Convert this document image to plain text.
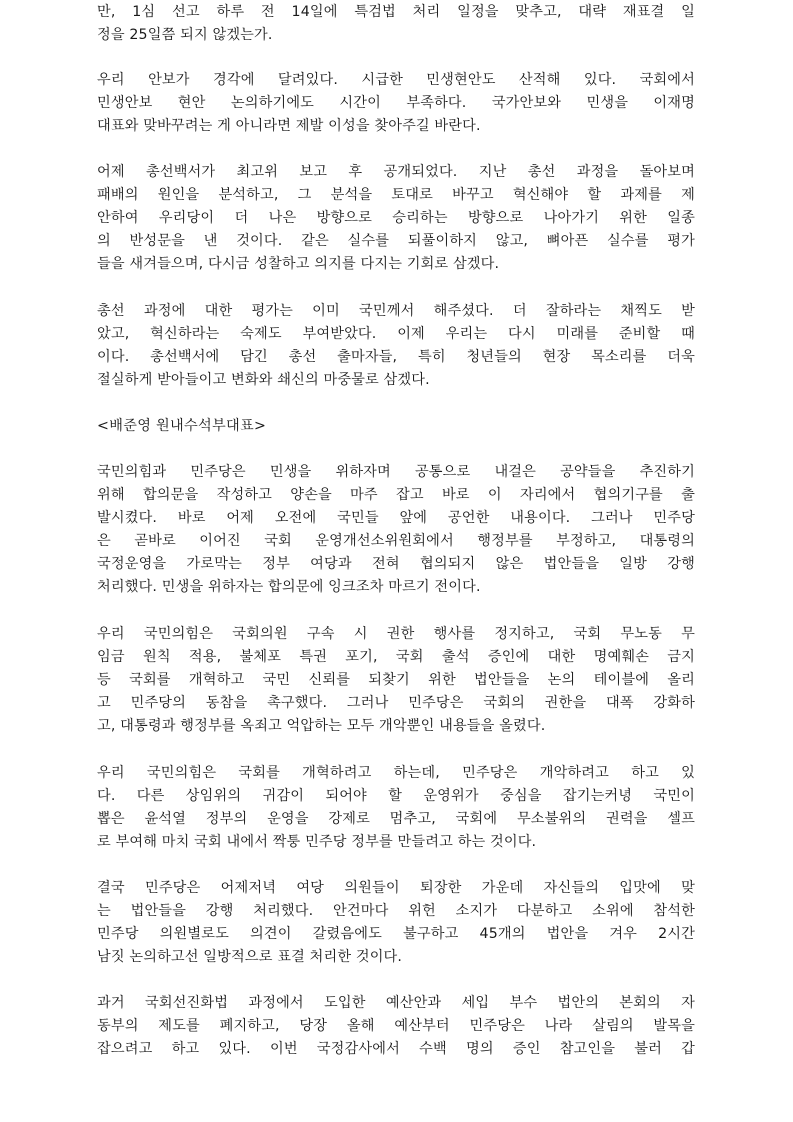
만, 1심 선고 하루 전 14일에 특검법 처리 일정을 맞추고, 대략 재표결 일
정을 25일쯤 되지 않겠는가.
우리 안보가 경각에 달려있다. 시급한 민생현안도 산적해 있다. 국회에서
민생안보 현안 논의하기에도 시간이 부족하다. 국가안보와 민생을 이재명
대표와 맞바꾸려는 게 아니라면 제발 이성을 찾아주길 바란다.
어제 총선백서가 최고위 보고 후 공개되었다. 지난 총선 과정을 돌아보며
패배의 원인을 분석하고, 그 분석을 토대로 바꾸고 혁신해야 할 과제를 제
안하여 우리당이 더 나은 방향으로 승리하는 방향으로 나아가기 위한 일종
의 반성문을 낸 것이다. 같은 실수를 되풀이하지 않고, 뼈아픈 실수를 평가
들을 새겨들으며, 다시금 성찰하고 의지를 다지는 기회로 삼겠다.
총선 과정에 대한 평가는 이미 국민께서 해주셨다. 더 잘하라는 채찍도 받
았고, 혁신하라는 숙제도 부여받았다. 이제 우리는 다시 미래를 준비할 때
이다. 총선백서에 담긴 총선 출마자들, 특히 청년들의 현장 목소리를 더욱
절실하게 받아들이고 변화와 쇄신의 마중물로 삼겠다.
<배준영 원내수석부대표>
국민의힘과 민주당은 민생을 위하자며 공통으로 내걸은 공약들을 추진하기
위해 합의문을 작성하고 양손을 마주 잡고 바로 이 자리에서 협의기구를 출
발시켰다. 바로 어제 오전에 국민들 앞에 공언한 내용이다. 그러나 민주당
은 곧바로 이어진 국회 운영개선소위원회에서 행정부를 부정하고, 대통령의
국정운영을 가로막는 정부 여당과 전혀 협의되지 않은 법안들을 일방 강행
처리했다. 민생을 위하자는 합의문에 잉크조차 마르기 전이다.
우리 국민의힘은 국회의원 구속 시 권한 행사를 정지하고, 국회 무노동 무
임금 원칙 적용, 불체포 특권 포기, 국회 출석 증인에 대한 명예훼손 금지
등 국회를 개혁하고 국민 신뢰를 되찾기 위한 법안들을 논의 테이블에 올리
고 민주당의 동참을 촉구했다. 그러나 민주당은 국회의 권한을 대폭 강화하
고, 대통령과 행정부를 옥죄고 억압하는 모두 개악뿐인 내용들을 올렸다.
우리 국민의힘은 국회를 개혁하려고 하는데, 민주당은 개악하려고 하고 있
다. 다른 상임위의 귀감이 되어야 할 운영위가 중심을 잡기는커녕 국민이
뽑은 윤석열 정부의 운영을 강제로 멈추고, 국회에 무소불위의 권력을 셀프
로 부여해 마치 국회 내에서 짝퉁 민주당 정부를 만들려고 하는 것이다.
결국 민주당은 어제저녁 여당 의원들이 퇴장한 가운데 자신들의 입맛에 맞
는 법안들을 강행 처리했다. 안건마다 위헌 소지가 다분하고 소위에 참석한
민주당 의원별로도 의견이 갈렸음에도 불구하고 45개의 법안을 겨우 2시간
남짓 논의하고선 일방적으로 표결 처리한 것이다.
과거 국회선진화법 과정에서 도입한 예산안과 세입 부수 법안의 본회의 자
동부의 제도를 폐지하고, 당장 올해 예산부터 민주당은 나라 살림의 발목을
잡으려고 하고 있다. 이번 국정감사에서 수백 명의 증인 참고인을 불러 갑
